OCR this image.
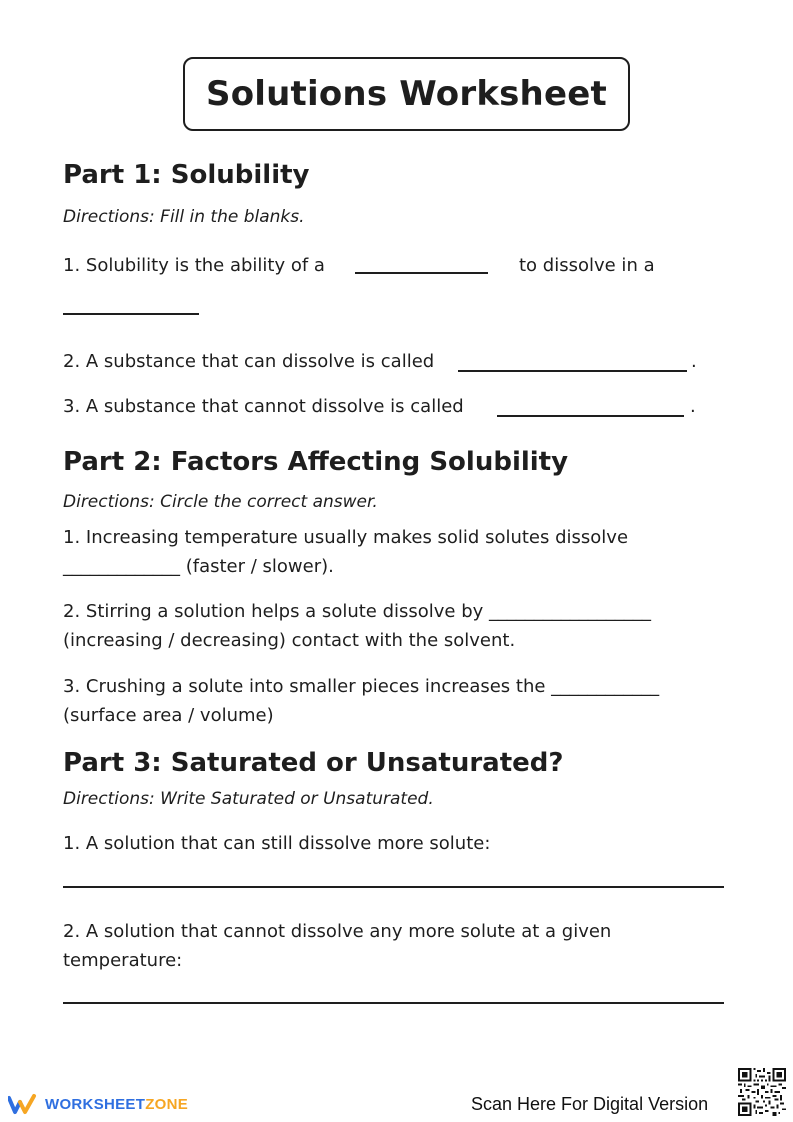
Solutions Worksheet
Part 1: Solubility
Directions: Fill in the blanks.
1. Solubility is the ability of a	to dissolve in a
2. A substance that can dissolve is called	.
3. A substance that cannot dissolve is called	.
Part 2: Factors Affecting Solubility
Directions: Circle the correct answer.
1. Increasing temperature usually makes solid solutes dissolve _____________ (faster / slower).
2. Stirring a solution helps a solute dissolve by __________________ (increasing / decreasing) contact with the solvent.
3. Crushing a solute into smaller pieces increases the ____________ (surface area / volume)
Part 3: Saturated or Unsaturated?
Directions: Write Saturated or Unsaturated.
1. A solution that can still dissolve more solute:
2. A solution that cannot dissolve any more solute at a given temperature:
WORKSHEETZONE	Scan Here For Digital Version
